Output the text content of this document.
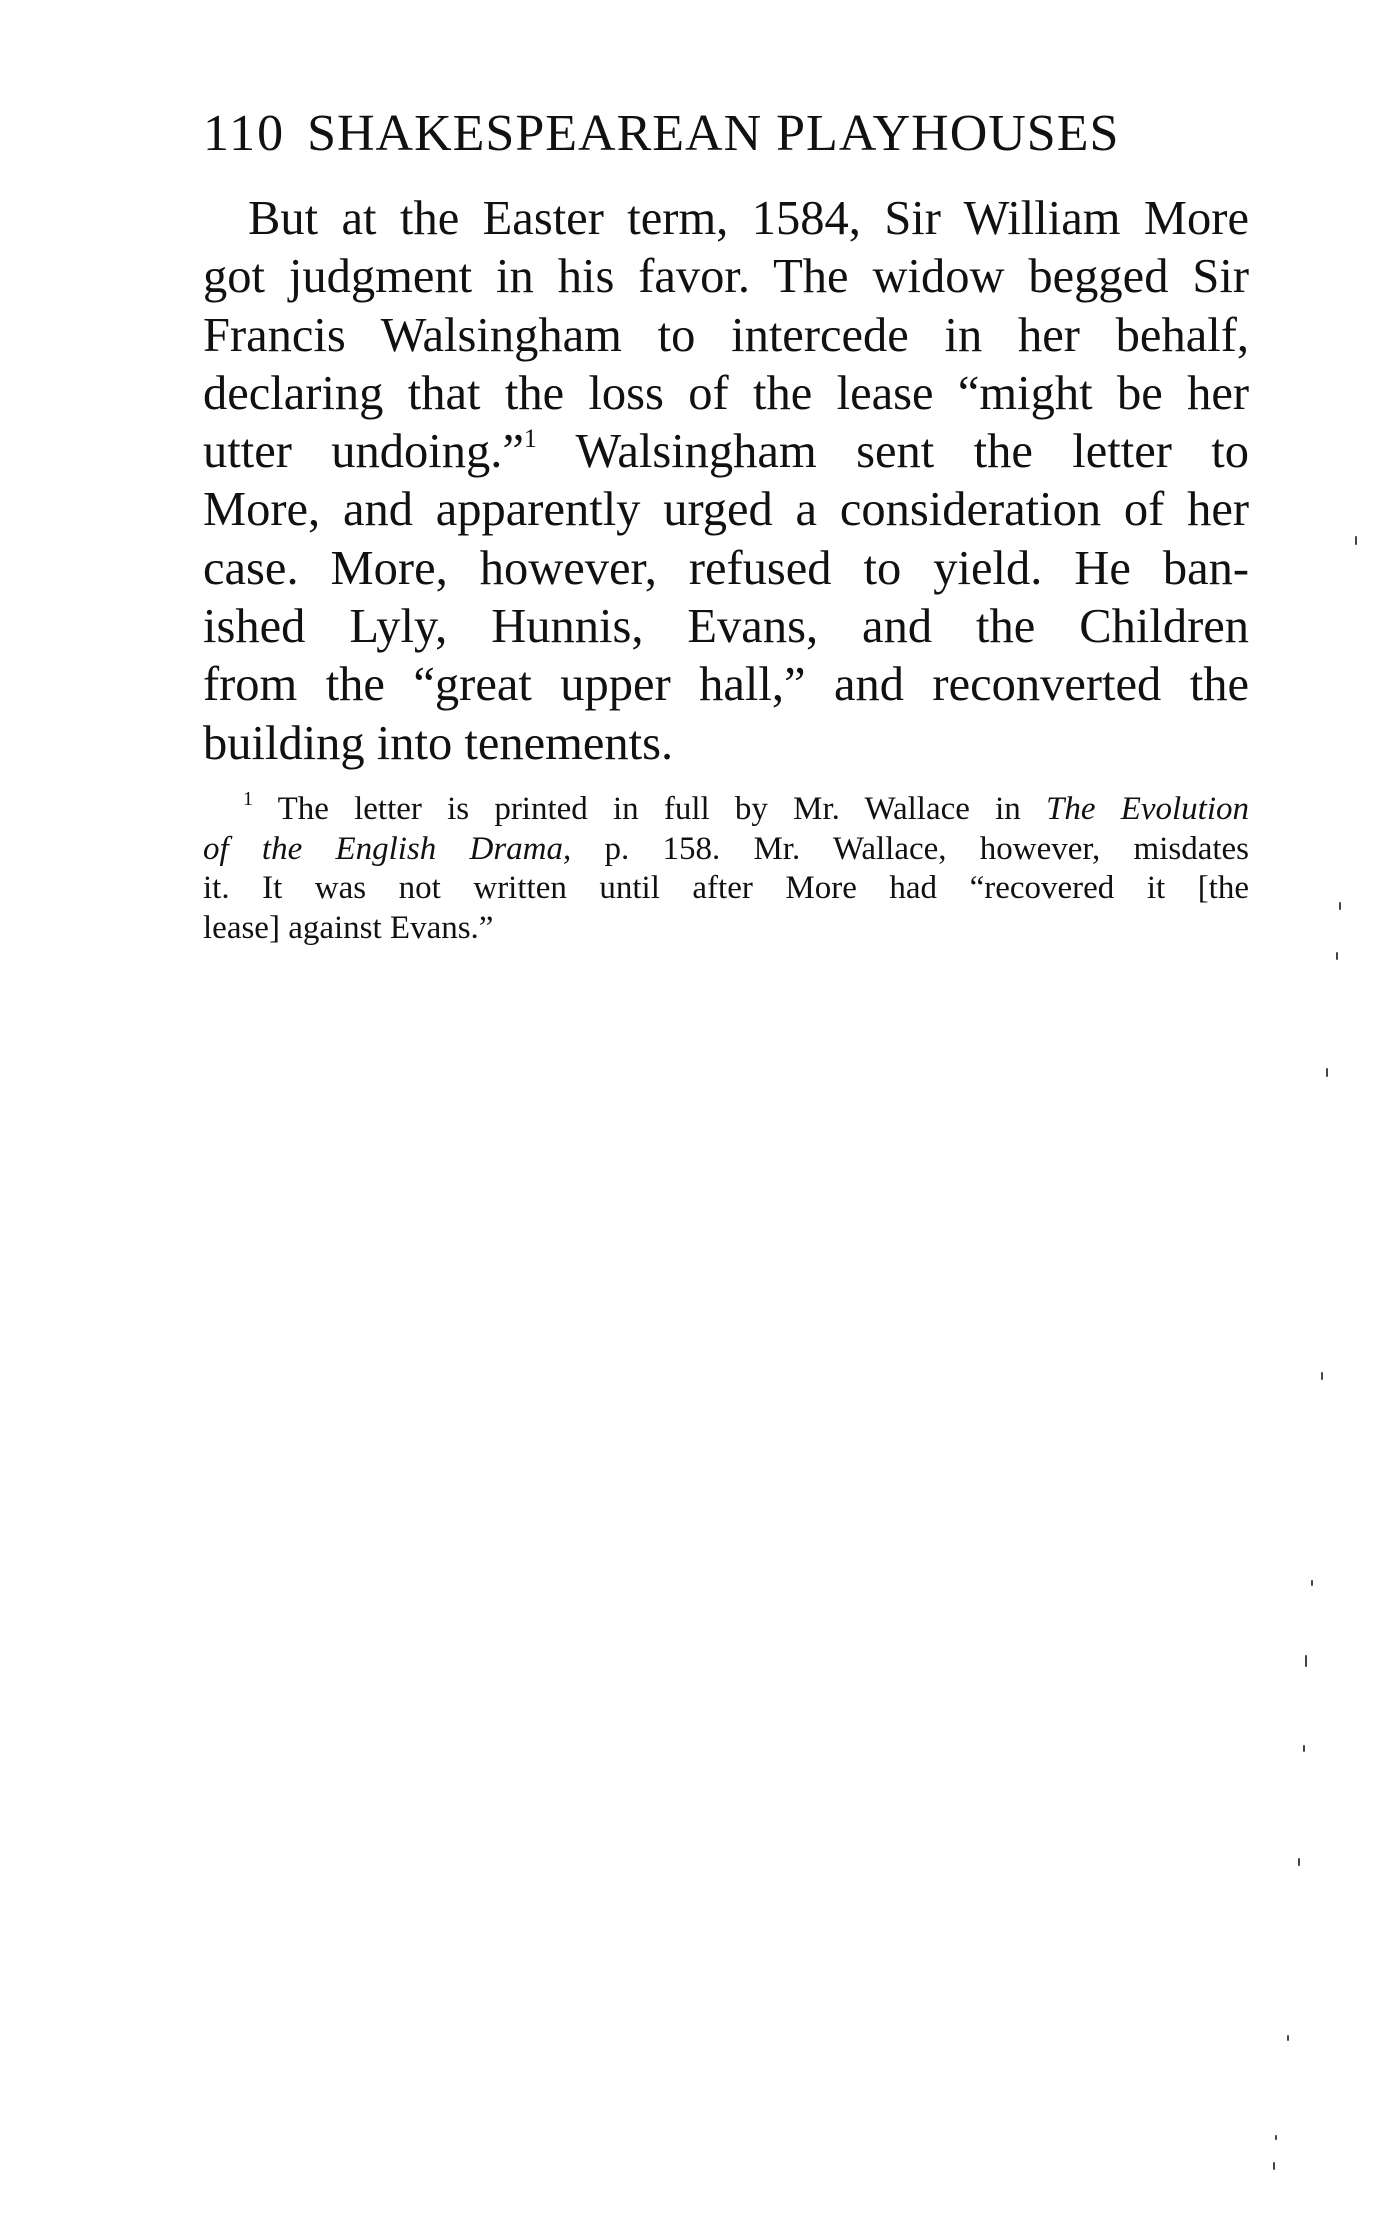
110 SHAKESPEAREAN PLAYHOUSES
But at the Easter term, 1584, Sir William More
got judgment in his favor. The widow begged Sir
Francis Walsingham to intercede in her behalf,
declaring that the loss of the lease “might be her
utter undoing.”$^1$ Walsingham sent the letter to
More, and apparently urged a consideration of her
case. More, however, refused to yield. He ban-
ished Lyly, Hunnis, Evans, and the Children
from the “great upper hall,” and reconverted the
building into tenements.
$^1$ The letter is printed in full by Mr. Wallace in The Evolution
of the English Drama, p. 158. Mr. Wallace, however, misdates
it. It was not written until after More had “recovered it [the
lease] against Evans.”
